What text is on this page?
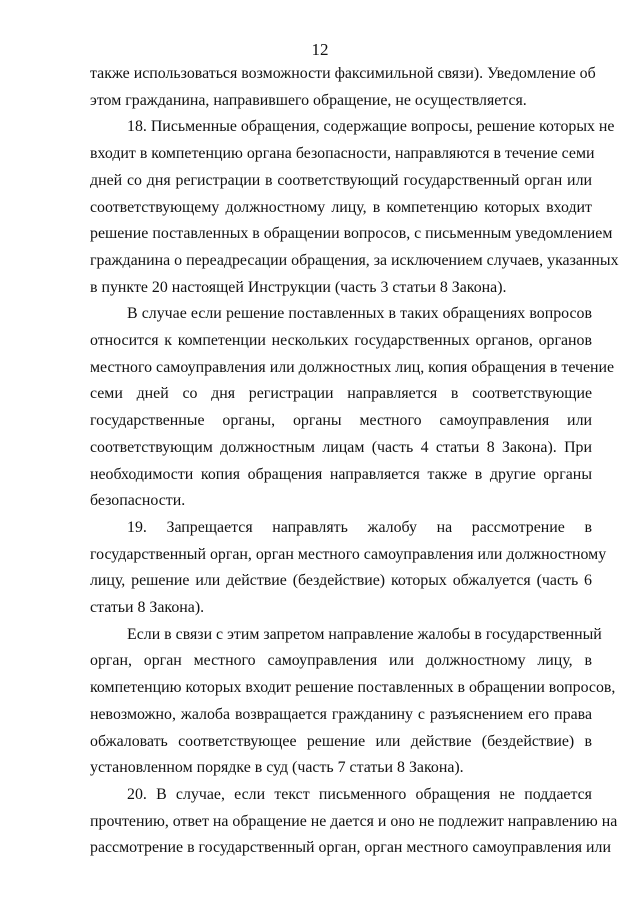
12

также использоваться возможности факсимильной связи). Уведомление об

этом гражданина, направившего обращение, не осуществляется.

18. Письменные обращения, содержащие вопросы, решение которых не

входит в компетенцию органа безопасности, направляются в течение семи

дней со дня регистрации в соответствующий государственный орган или

соответствующему должностному лицу, в компетенцию которых входит

решение поставленных в обращении вопросов, с письменным уведомлением

гражданина о переадресации обращения, за исключением случаев, указанных

в пункте 20 настоящей Инструкции (часть 3 статьи 8 Закона).

В случае если решение поставленных в таких обращениях вопросов

относится к компетенции нескольких государственных органов, органов

местного самоуправления или должностных лиц, копия обращения в течение

семи дней со дня регистрации направляется в соответствующие

государственные органы, органы местного самоуправления или

соответствующим должностным лицам (часть 4 статьи 8 Закона). При

необходимости копия обращения направляется также в другие органы

безопасности.

19. Запрещается направлять жалобу на рассмотрение в

государственный орган, орган местного самоуправления или должностному

лицу, решение или действие (бездействие) которых обжалуется (часть 6

статьи 8 Закона).

Если в связи с этим запретом направление жалобы в государственный

орган, орган местного самоуправления или должностному лицу, в

компетенцию которых входит решение поставленных в обращении вопросов,

невозможно, жалоба возвращается гражданину с разъяснением его права

обжаловать соответствующее решение или действие (бездействие) в

установленном порядке в суд (часть 7 статьи 8 Закона).

20. В случае, если текст письменного обращения не поддается

прочтению, ответ на обращение не дается и оно не подлежит направлению на

рассмотрение в государственный орган, орган местного самоуправления или
